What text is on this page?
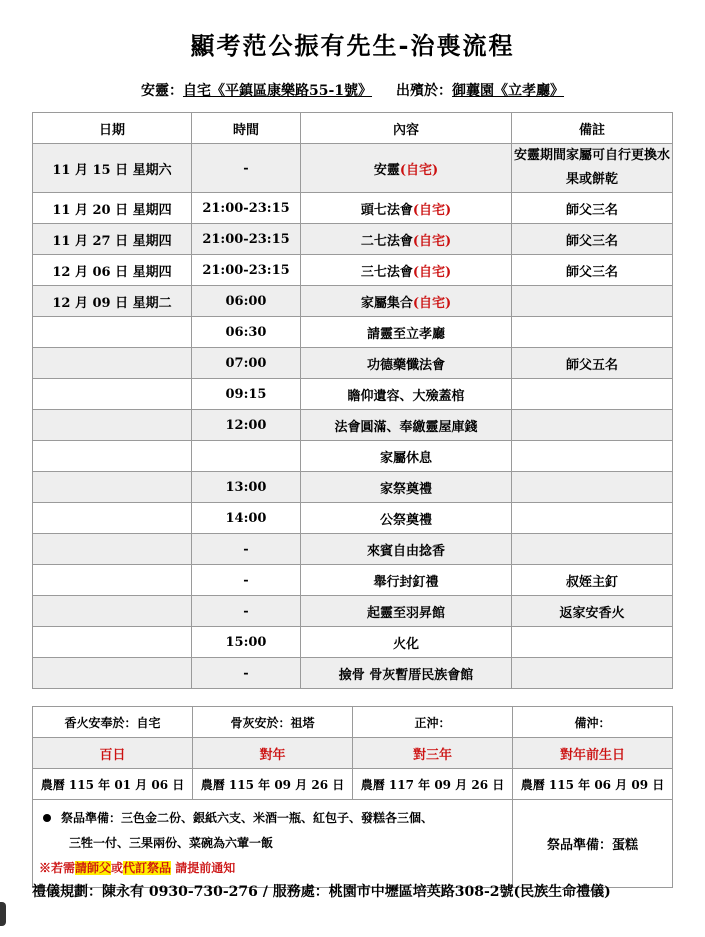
顯考范公振有先生-治喪流程
安靈：自宅《平鎮區康樂路55-1號》 出殯於：御蘘園《立孝廳》
日期	時間	內容	備註
11 月 15 日 星期六	-	安靈(自宅)	安靈期間家屬可自行更換水果或餅乾
11 月 20 日 星期四	21:00-23:15	頭七法會(自宅)	師父三名
11 月 27 日 星期四	21:00-23:15	二七法會(自宅)	師父三名
12 月 06 日 星期四	21:00-23:15	三七法會(自宅)	師父三名
12 月 09 日 星期二	06:00	家屬集合(自宅)	
	06:30	請靈至立孝廳	
	07:00	功德藥懺法會	師父五名
	09:15	瞻仰遺容、大殮蓋棺	
	12:00	法會圓滿、奉繳靈屋庫錢	
		家屬休息	
	13:00	家祭奠禮	
	14:00	公祭奠禮	
	-	來賓自由捻香	
	-	舉行封釘禮	叔姪主釘
	-	起靈至羽昇館	返家安香火
	15:00	火化	
	-	撿骨 骨灰暫厝民族會館	
香火安奉於：自宅	骨灰安於：祖塔	正沖：	備沖：
百日	對年	對三年	對年前生日
農曆 115 年 01 月 06 日	農曆 115 年 09 月 26 日	農曆 117 年 09 月 26 日	農曆 115 年 06 月 09 日

祭品準備：三色金二份、銀紙六支、米酒一瓶、紅包子、發糕各三個、
三牲一付、三果兩份、菜碗為六葷一飯
※若需請師父或代訂祭品 請提前通知			祭品準備：蛋糕
禮儀規劃：陳永有 0930-730-276 / 服務處：桃園市中壢區培英路308-2號(民族生命禮儀)
